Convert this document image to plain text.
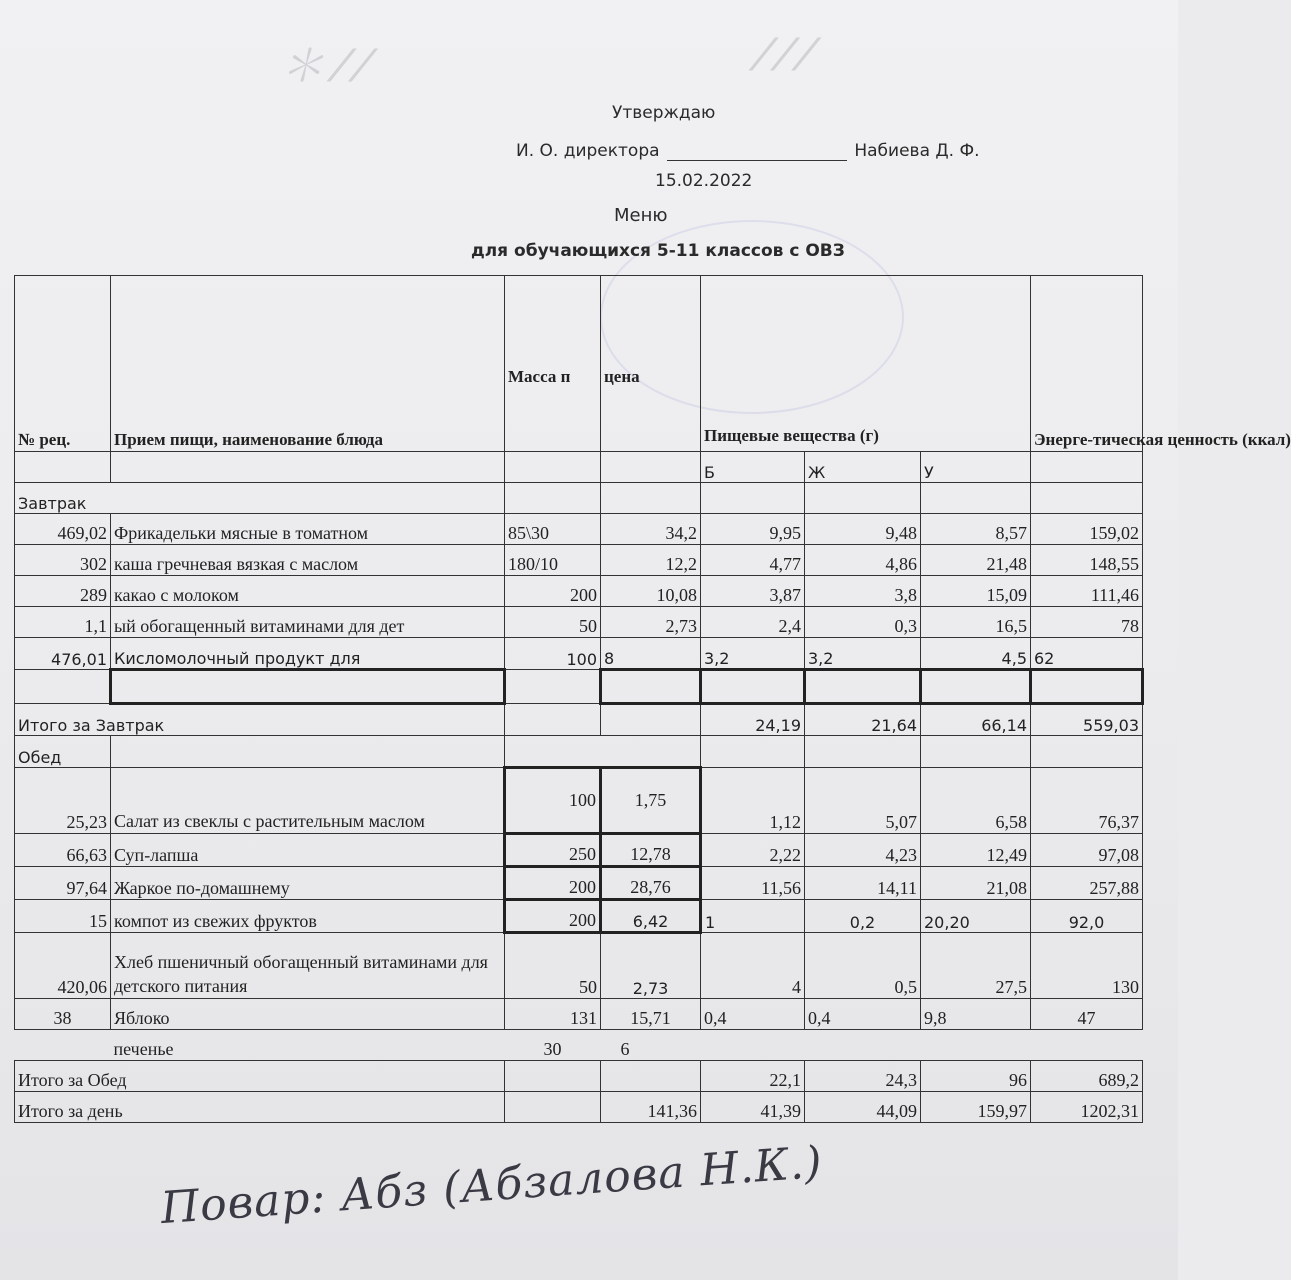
＊ ⁄ ⁄	⁄ ⁄ ⁄
Утверждаю
И. О. директора	Набиева Д. Ф.
15.02.2022
Меню
для обучающихся 5-11 классов с ОВЗ
№ рец.	Прием пищи, наименование блюда	Масса п	цена	Пищевые вещества (г)			Энерге-тическая ценность (ккал)
				Б	Ж	У	
Завтрак							
469,02	Фрикадельки мясные в томатном	85\30	34,2	9,95	9,48	8,57	159,02
302	каша гречневая вязкая с маслом	180/10	12,2	4,77	4,86	21,48	148,55
289	какао с молоком	200	10,08	3,87	3,8	15,09	111,46
1,1	ый обогащенный витаминами для дет	50	2,73	2,4	0,3	16,5	78
476,01	Кисломолочный продукт для	100	8	3,2	3,2	4,5	62

Итого за Завтрак				24,19	21,64	66,14	559,03
Обед							
25,23	Салат из свеклы с растительным маслом	100	1,75	1,12	5,07	6,58	76,37
66,63	Суп-лапша	250	12,78	2,22	4,23	12,49	97,08
97,64	Жаркое по-домашнему	200	28,76	11,56	14,11	21,08	257,88
15	компот из свежих фруктов	200	6,42	1	0,2	20,20	92,0
420,06	Хлеб пшеничный обогащенный витаминами для детского питания	50	2,73	4	0,5	27,5	130
38	Яблоко	131	15,71	0,4	0,4	9,8	47
	печенье	30	6				
Итого за Обед				22,1	24,3	96	689,2
Итого за день			141,36	41,39	44,09	159,97	1202,31
Повар: Абз (Абзалова Н.К.)
